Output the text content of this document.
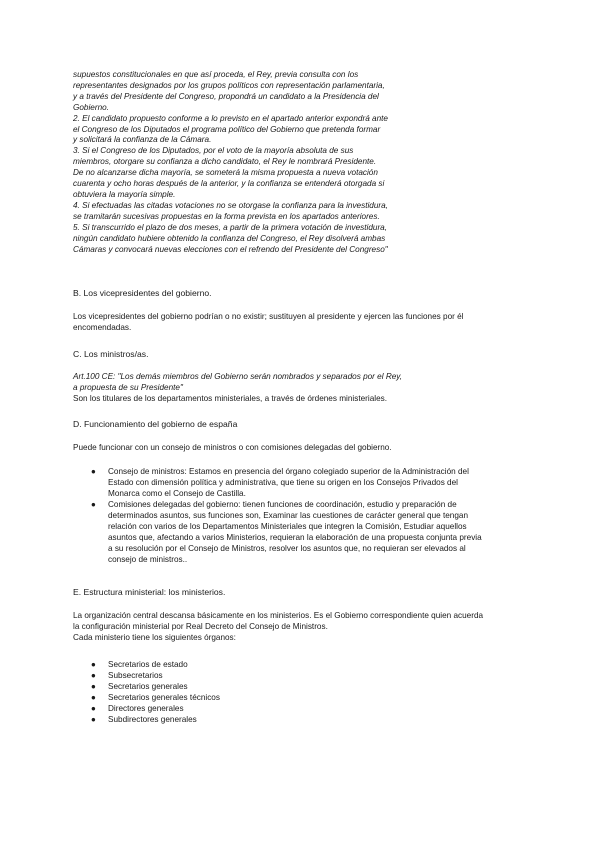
supuestos constitucionales en que así proceda, el Rey, previa consulta con los
representantes designados por los grupos políticos con representación parlamentaria,
y a través del Presidente del Congreso, propondrá un candidato a la Presidencia del
Gobierno.
2. El candidato propuesto conforme a lo previsto en el apartado anterior expondrá ante
el Congreso de los Diputados el programa político del Gobierno que pretenda formar
y solicitará la confianza de la Cámara.
3. Si el Congreso de los Diputados, por el voto de la mayoría absoluta de sus
miembros, otorgare su confianza a dicho candidato, el Rey le nombrará Presidente.
De no alcanzarse dicha mayoría, se someterá la misma propuesta a nueva votación
cuarenta y ocho horas después de la anterior, y la confianza se entenderá otorgada si
obtuviera la mayoría simple.
4. Si efectuadas las citadas votaciones no se otorgase la confianza para la investidura,
se tramitarán sucesivas propuestas en la forma prevista en los apartados anteriores.
5. Si transcurrido el plazo de dos meses, a partir de la primera votación de investidura,
ningún candidato hubiere obtenido la confianza del Congreso, el Rey disolverá ambas
Cámaras y convocará nuevas elecciones con el refrendo del Presidente del Congreso"
B. Los vicepresidentes del gobierno.
Los vicepresidentes del gobierno podrían o no existir; sustituyen al presidente y ejercen las funciones por él
encomendadas.
C. Los ministros/as.
Art.100 CE: "Los demás miembros del Gobierno serán nombrados y separados por el Rey,
a propuesta de su Presidente"
Son los titulares de los departamentos ministeriales, a través de órdenes ministeriales.
D. Funcionamiento del gobierno de españa
Puede funcionar con un consejo de ministros o con comisiones delegadas del gobierno.
●	Consejo de ministros: Estamos en presencia del órgano colegiado superior de la Administración del
Estado con dimensión política y administrativa, que tiene su origen en los Consejos Privados del
Monarca como el Consejo de Castilla.
●	Comisiones delegadas del gobierno: tienen funciones de coordinación, estudio y preparación de
determinados asuntos, sus funciones son, Examinar las cuestiones de carácter general que tengan
relación con varios de los Departamentos Ministeriales que integren la Comisión, Estudiar aquellos
asuntos que, afectando a varios Ministerios, requieran la elaboración de una propuesta conjunta previa
a su resolución por el Consejo de Ministros, resolver los asuntos que, no requieran ser elevados al
consejo de ministros..
E. Estructura ministerial: los ministerios.
La organización central descansa básicamente en los ministerios. Es el Gobierno correspondiente quien acuerda
la configuración ministerial por Real Decreto del Consejo de Ministros.
Cada ministerio tiene los siguientes órganos:
●	Secretarios de estado
●	Subsecretarios
●	Secretarios generales
●	Secretarios generales técnicos
●	Directores generales
●	Subdirectores generales
